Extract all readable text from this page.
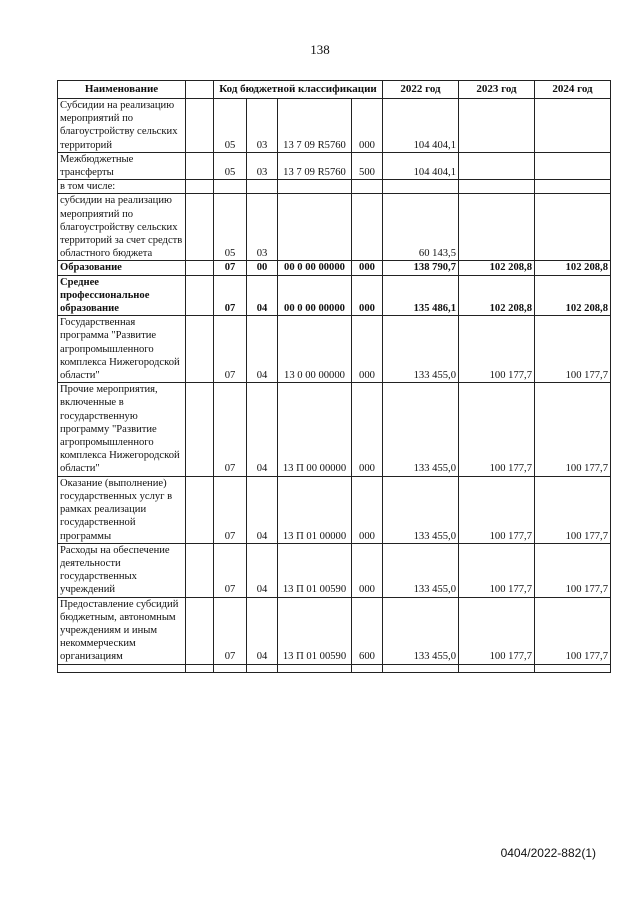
138
Наименование		Код бюджетной классификации				2022 год	2023 год	2024 год
Субсидии на реализацию мероприятий по благоустройству сельских территорий		05	03	13 7 09 R5760	000	104 404,1		
Межбюджетные трансферты		05	03	13 7 09 R5760	500	104 404,1		
в том числе:								
субсидии на реализацию мероприятий по благоустройству сельских территорий за счет средств областного бюджета		05	03			60 143,5		
Образование		07	00	00 0 00 00000	000	138 790,7	102 208,8	102 208,8
Среднее профессиональное образование		07	04	00 0 00 00000	000	135 486,1	102 208,8	102 208,8
Государственная программа "Развитие агропромышленного комплекса Нижегородской области"		07	04	13 0 00 00000	000	133 455,0	100 177,7	100 177,7
Прочие мероприятия, включенные в государственную программу "Развитие агропромышленного комплекса Нижегородской области"		07	04	13 П 00 00000	000	133 455,0	100 177,7	100 177,7
Оказание (выполнение) государственных услуг в рамках реализации государственной программы		07	04	13 П 01 00000	000	133 455,0	100 177,7	100 177,7
Расходы на обеспечение деятельности государственных учреждений		07	04	13 П 01 00590	000	133 455,0	100 177,7	100 177,7
Предоставление субсидий бюджетным, автономным учреждениям и иным некоммерческим организациям		07	04	13 П 01 00590	600	133 455,0	100 177,7	100 177,7

0404/2022-882(1)
